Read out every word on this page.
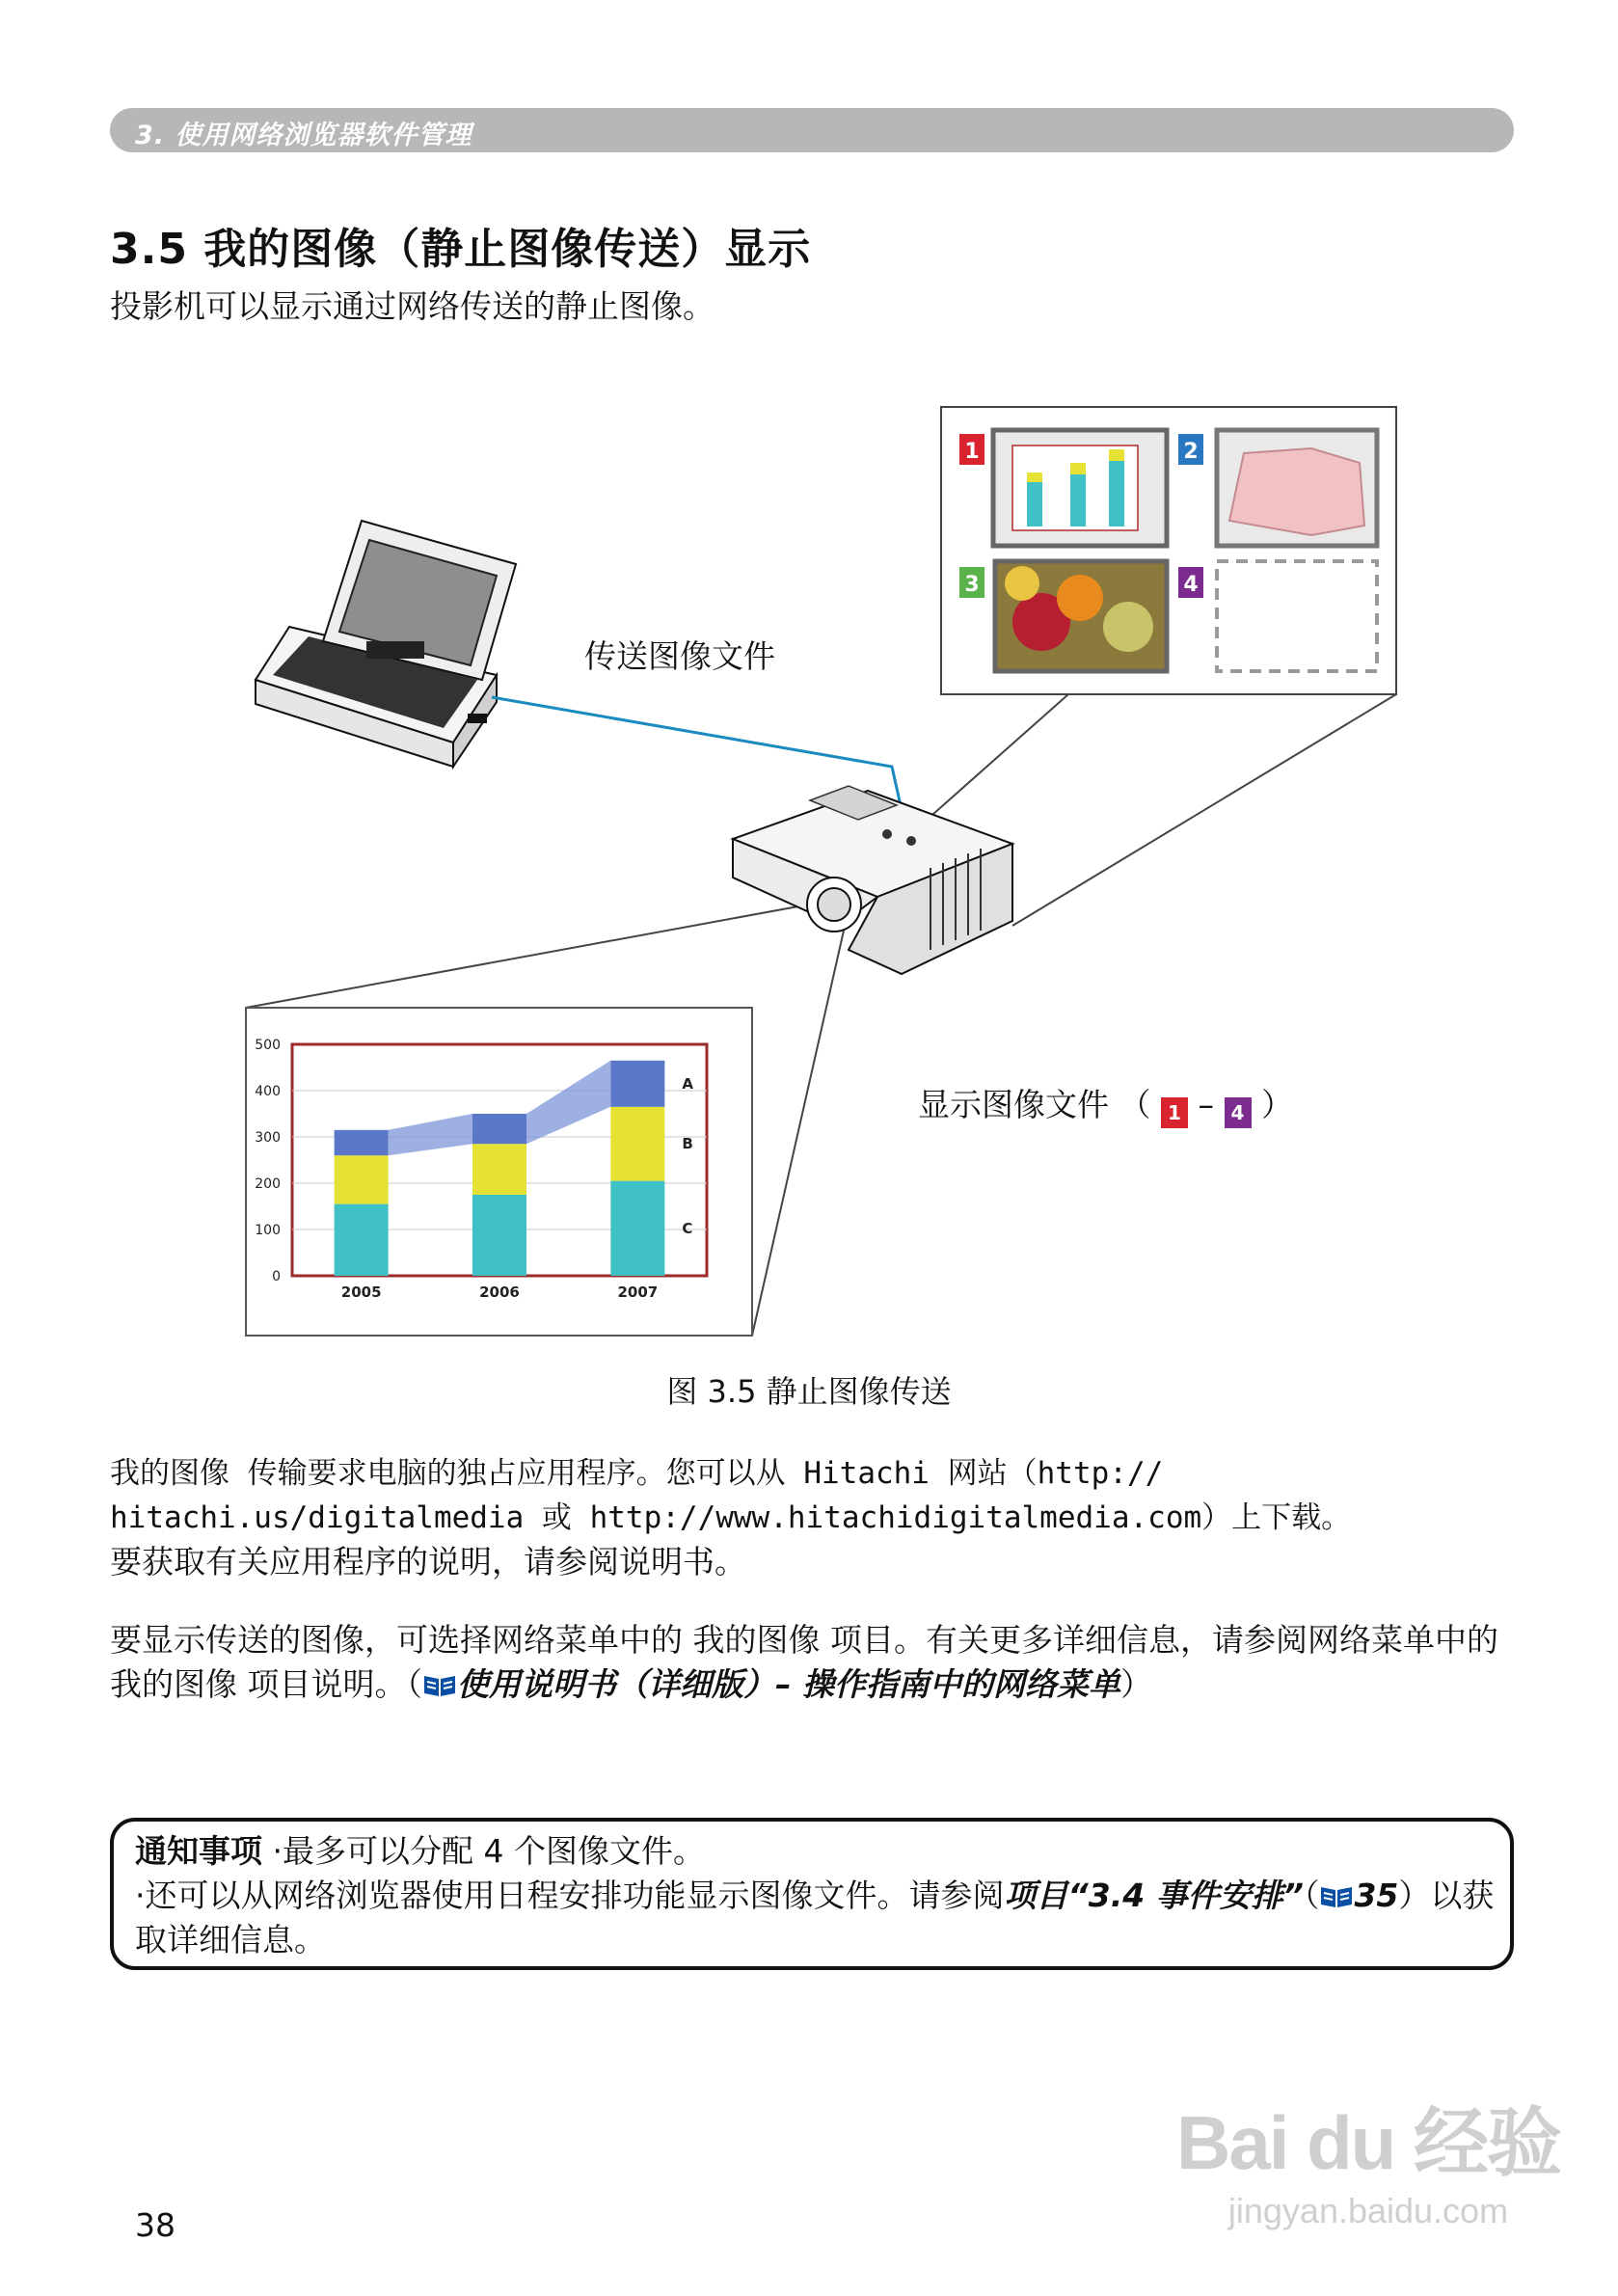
3. 使用网络浏览器软件管理
3.5 我的图像（静止图像传送）显示
投影机可以显示通过网络传送的静止图像。
1	2
3	4
500
400
300
200
100
0
2005	2006	2007
C
B
A
传送图像文件
显示图像文件 （ 1 – 4 ）
图 3.5 静止图像传送
我的图像 传输要求电脑的独占应用程序。您可以从 Hitachi 网站（http://
hitachi.us/digitalmedia 或 http://www.hitachidigitalmedia.com）上下载。
要获取有关应用程序的说明，请参阅说明书。
要显示传送的图像，可选择网络菜单中的 我的图像 项目。有关更多详细信息，请参阅网络菜单中的 我的图像 项目说明。（ 使用说明书（详细版）– 操作指南中的网络菜单）
通知事项 ·最多可以分配 4 个图像文件。
·还可以从网络浏览器使用日程安排功能显示图像文件。请参阅项目“3.4 事件安排”（ 35）以获取详细信息。
38
Bai du 经验
jingyan.baidu.com
